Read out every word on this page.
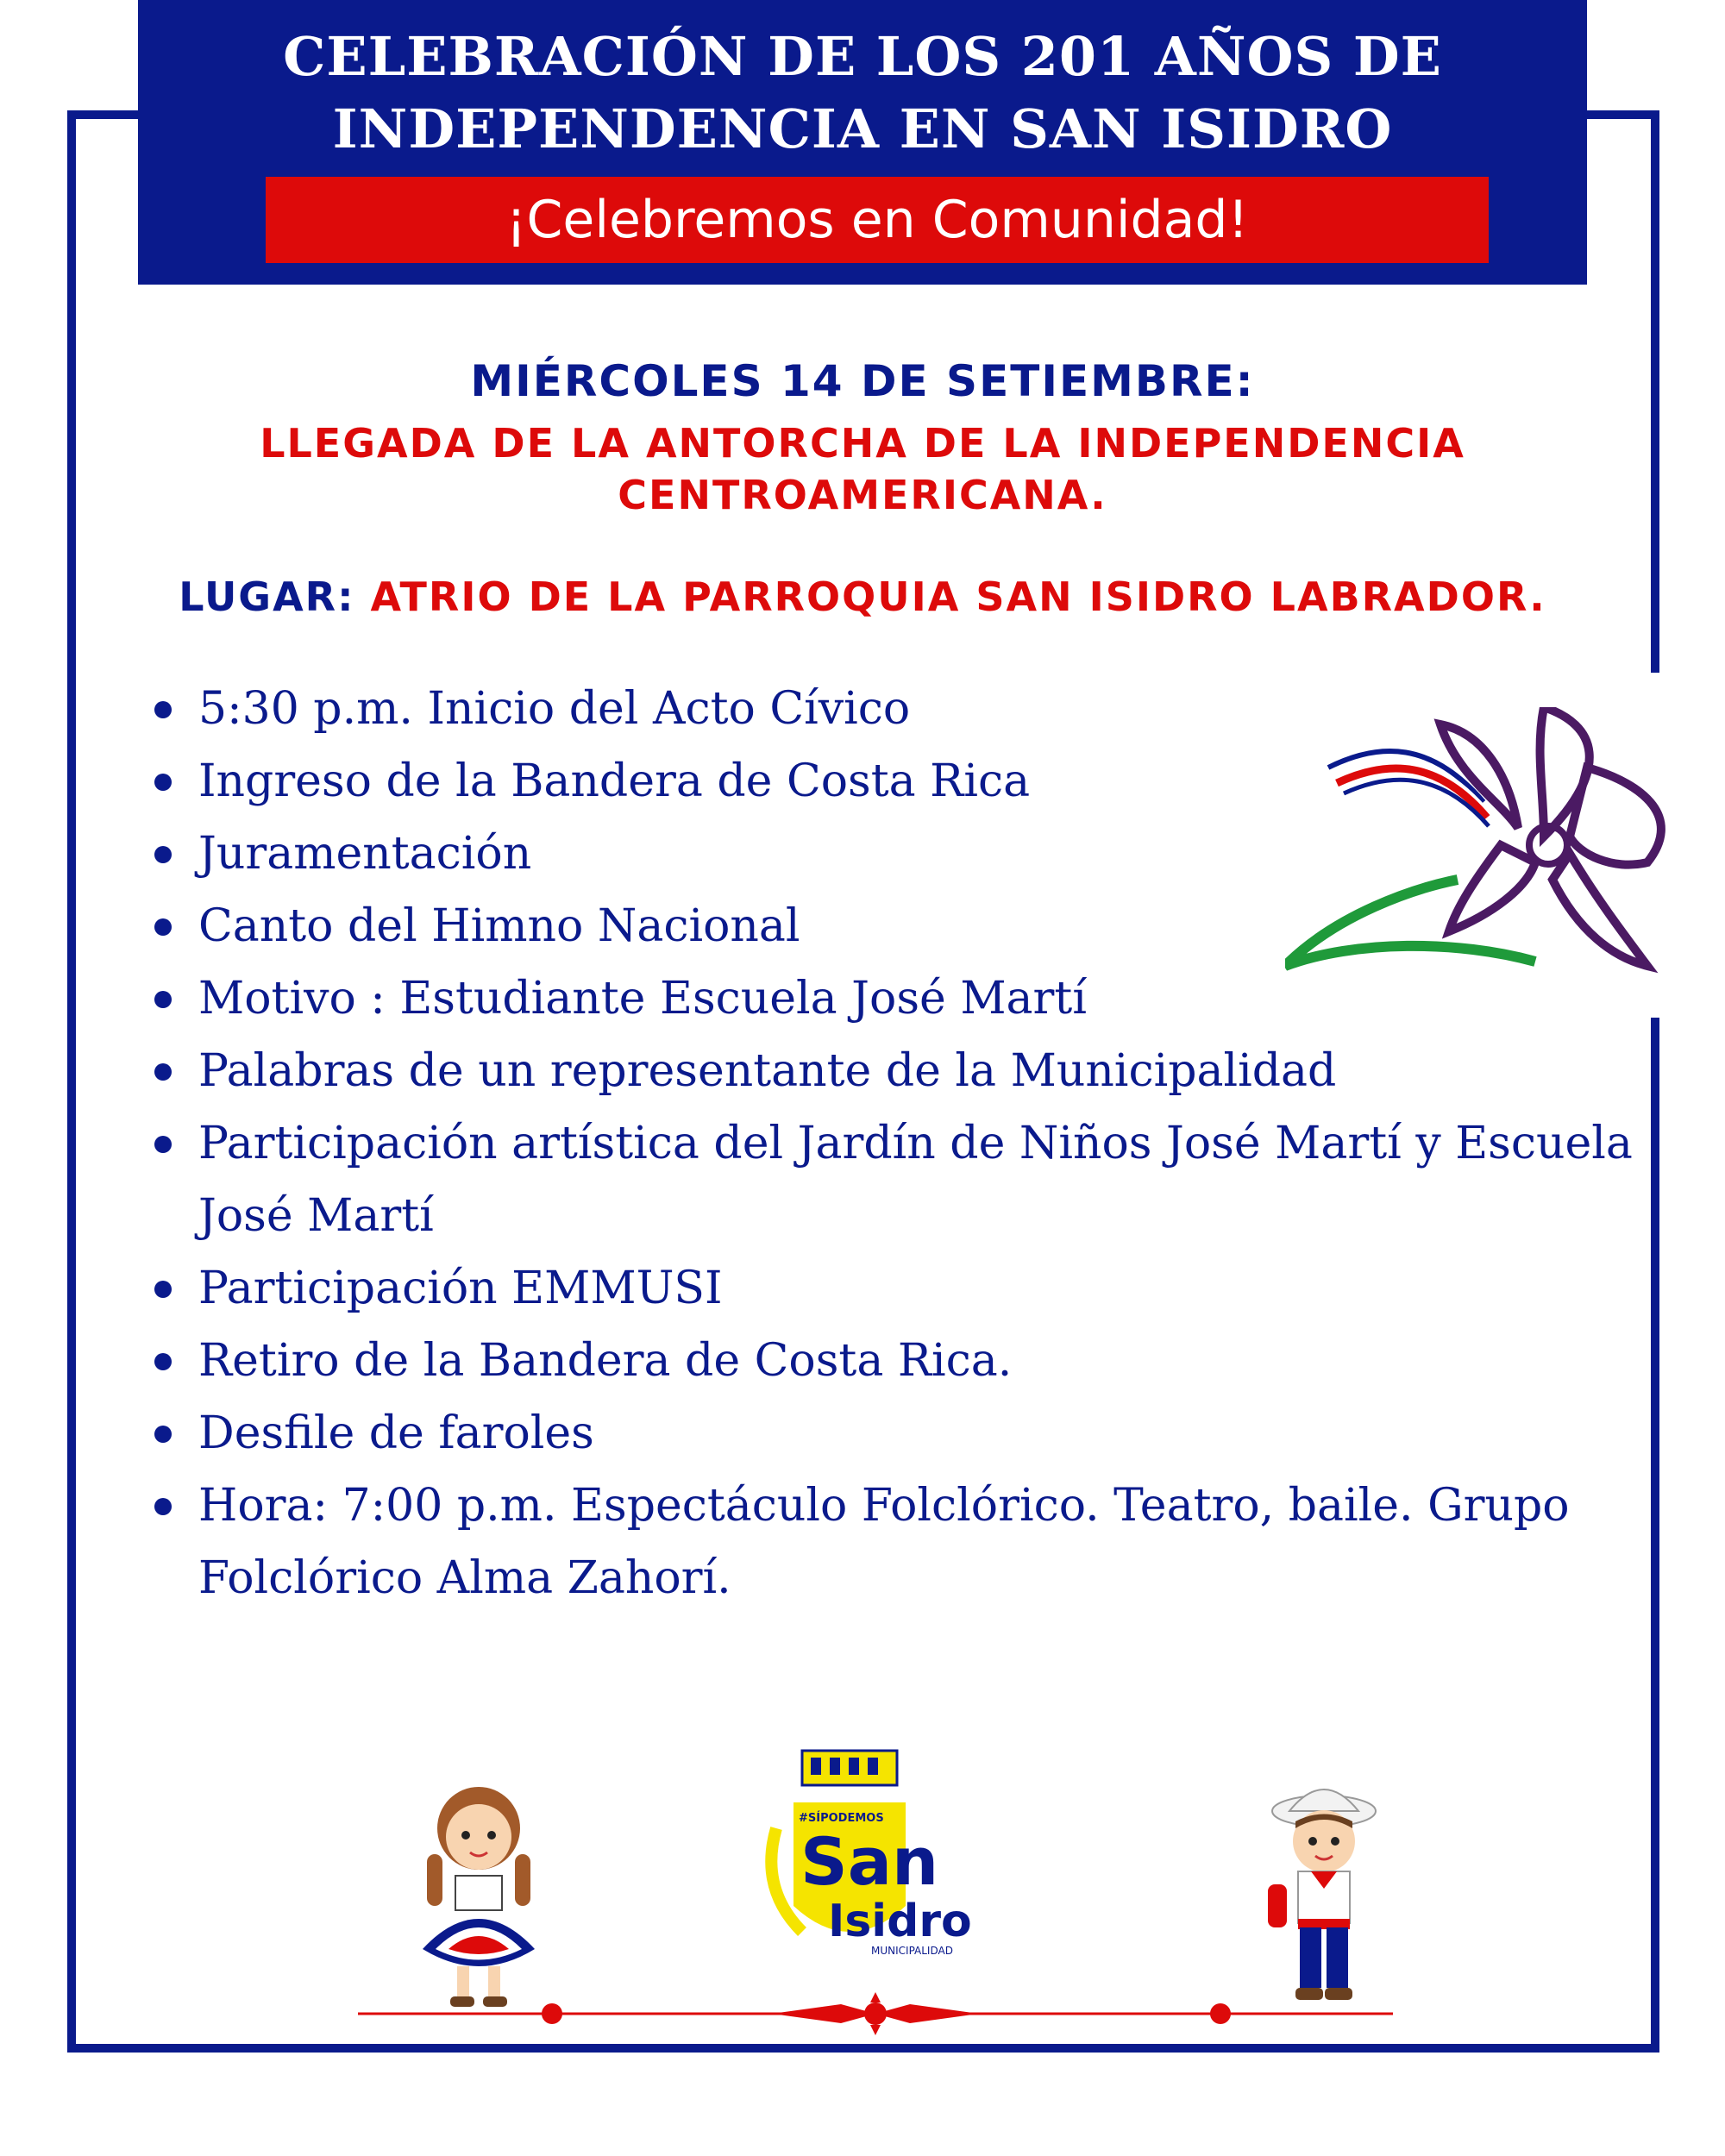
CELEBRACIÓN DE LOS 201 AÑOS DE
INDEPENDENCIA EN SAN ISIDRO
¡Celebremos en Comunidad!

MIÉRCOLES 14 DE SETIEMBRE:

LLEGADA DE LA ANTORCHA DE LA INDEPENDENCIA
CENTROAMERICANA.

LUGAR: ATRIO DE LA PARROQUIA SAN ISIDRO LABRADOR.

5:30 p.m. Inicio del Acto Cívico
Ingreso de la Bandera de Costa Rica
Juramentación
Canto del Himno Nacional
Motivo : Estudiante Escuela José Martí
Palabras de un representante de la Municipalidad
Participación artística del Jardín de Niños José Martí y Escuela José Martí
Participación EMMUSI
Retiro de la Bandera de Costa Rica.
Desfile de faroles
Hora: 7:00 p.m. Espectáculo Folclórico. Teatro, baile. Grupo Folclórico Alma Zahorí.
#SÍPODEMOS
San
Isidro
MUNICIPALIDAD
